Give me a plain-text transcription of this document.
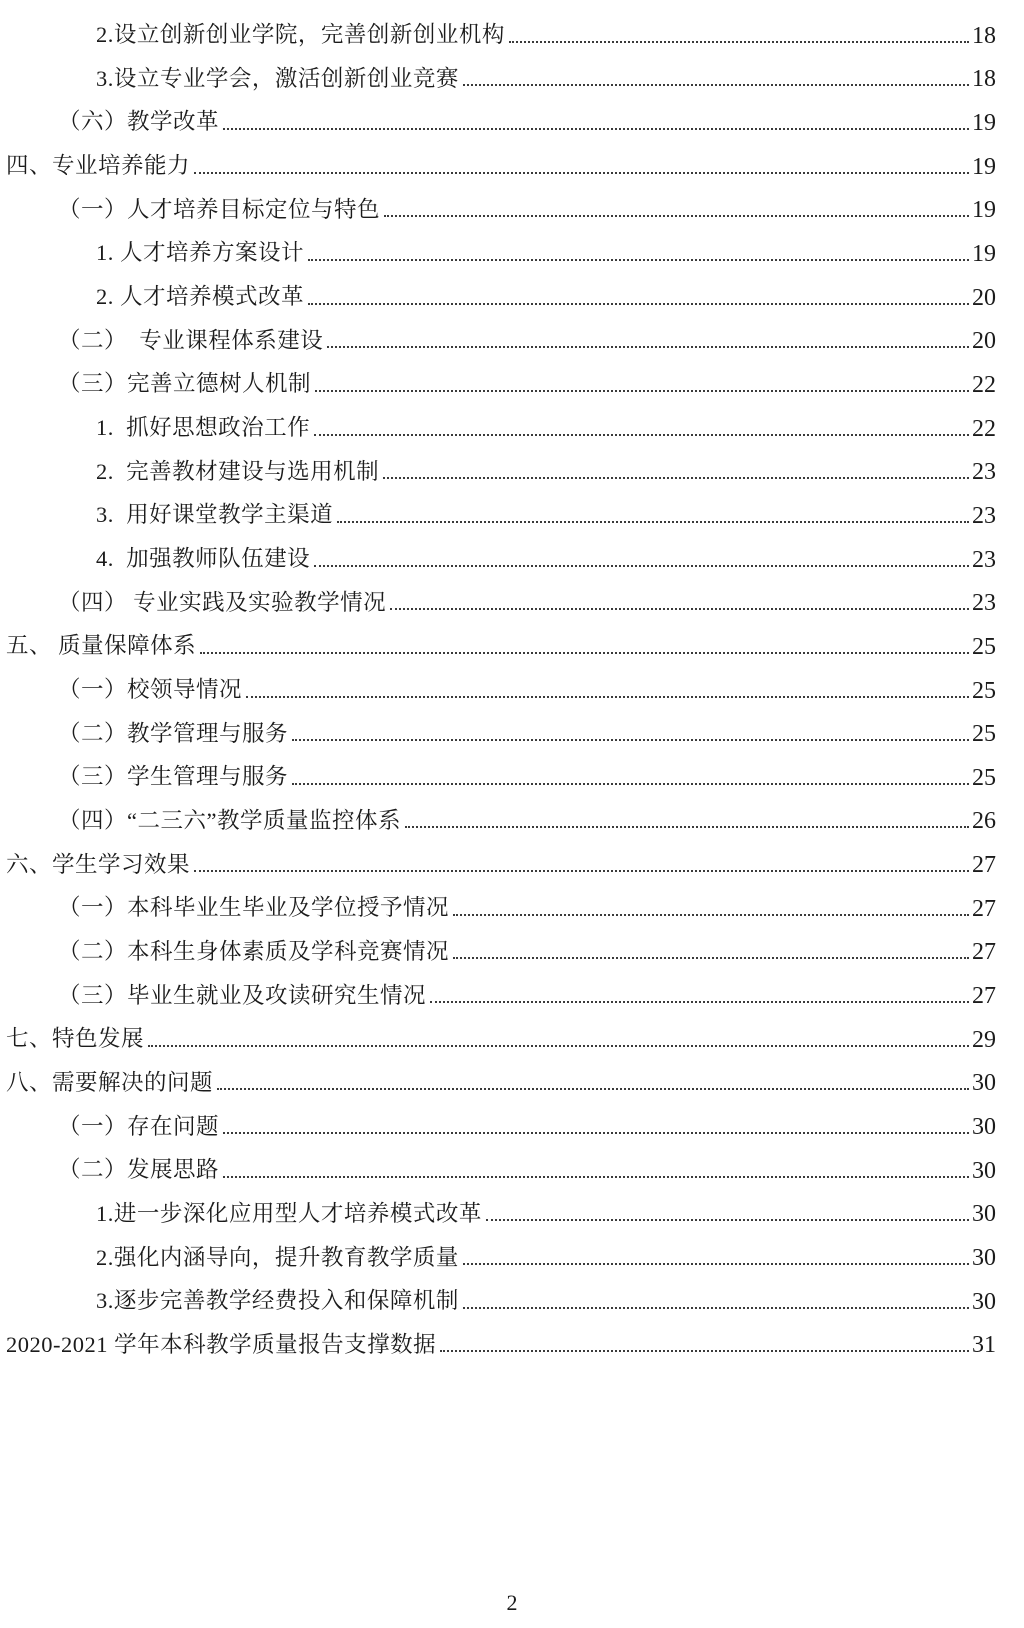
2.设立创新创业学院，完善创新创业机构	18
3.设立专业学会，激活创新创业竞赛	18
（六）教学改革	19
四、专业培养能力	19
（一）人才培养目标定位与特色	19
1. 人才培养方案设计	19
2. 人才培养模式改革	20
（二）  专业课程体系建设	20
（三）完善立德树人机制	22
1.  抓好思想政治工作	22
2.  完善教材建设与选用机制	23
3.  用好课堂教学主渠道	23
4.  加强教师队伍建设	23
（四） 专业实践及实验教学情况	23
五、 质量保障体系	25
（一）校领导情况	25
（二）教学管理与服务	25
（三）学生管理与服务	25
（四）“二三六”教学质量监控体系	26
六、学生学习效果	27
（一）本科毕业生毕业及学位授予情况	27
（二）本科生身体素质及学科竞赛情况	27
（三）毕业生就业及攻读研究生情况	27
七、特色发展	29
八、需要解决的问题	30
（一）存在问题	30
（二）发展思路	30
1.进一步深化应用型人才培养模式改革	30
2.强化内涵导向，提升教育教学质量	30
3.逐步完善教学经费投入和保障机制	30
2020-2021 学年本科教学质量报告支撑数据	31
2
